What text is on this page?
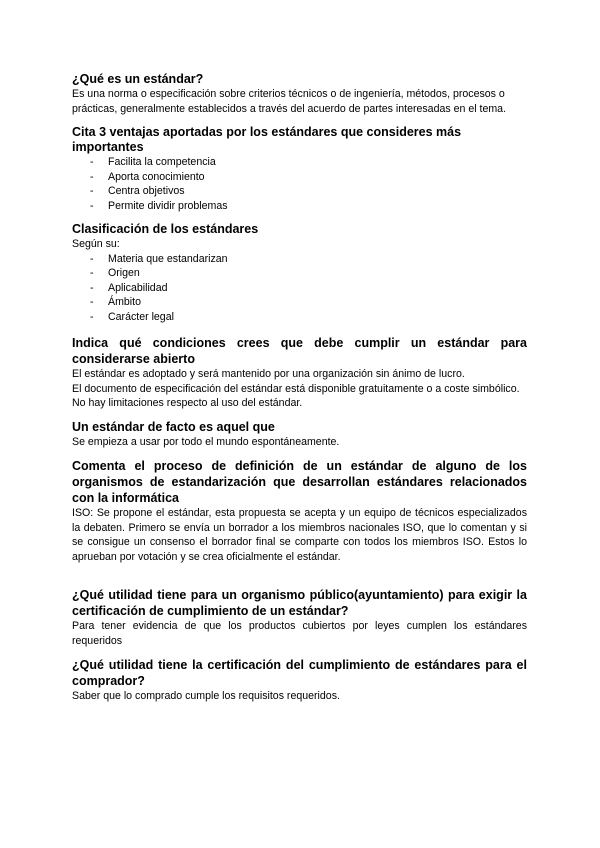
¿Qué es un estándar?

Es una norma o especificación sobre criterios técnicos o de ingeniería, métodos, procesos o prácticas, generalmente establecidos a través del acuerdo de partes interesadas en el tema.

Cita 3 ventajas aportadas por los estándares que consideres más importantes
- Facilita la competencia
- Aporta conocimiento
- Centra objetivos
- Permite dividir problemas
Clasificación de los estándares

Según su:

- Materia que estandarizan
- Origen
- Aplicabilidad
- Ámbito
- Carácter legal
Indica qué condiciones crees que debe cumplir un estándar para considerarse abierto

El estándar es adoptado y será mantenido por una organización sin ánimo de lucro.

El documento de especificación del estándar está disponible gratuitamente o a coste simbólico.

No hay limitaciones respecto al uso del estándar.

Un estándar de facto es aquel que

Se empieza a usar por todo el mundo espontáneamente.

Comenta el proceso de definición de un estándar de alguno de los organismos de estandarización que desarrollan estándares relacionados con la informática

ISO: Se propone el estándar, esta propuesta se acepta y un equipo de técnicos especializados la debaten. Primero se envía un borrador a los miembros nacionales ISO, que lo comentan y si se consigue un consenso el borrador final se comparte con todos los miembros ISO. Estos lo aprueban por votación y se crea oficialmente el estándar.

¿Qué utilidad tiene para un organismo público(ayuntamiento) para exigir la certificación de cumplimiento de un estándar?

Para tener evidencia de que los productos cubiertos por leyes cumplen los estándares requeridos

¿Qué utilidad tiene la certificación del cumplimiento de estándares para el comprador?

Saber que lo comprado cumple los requisitos requeridos.
